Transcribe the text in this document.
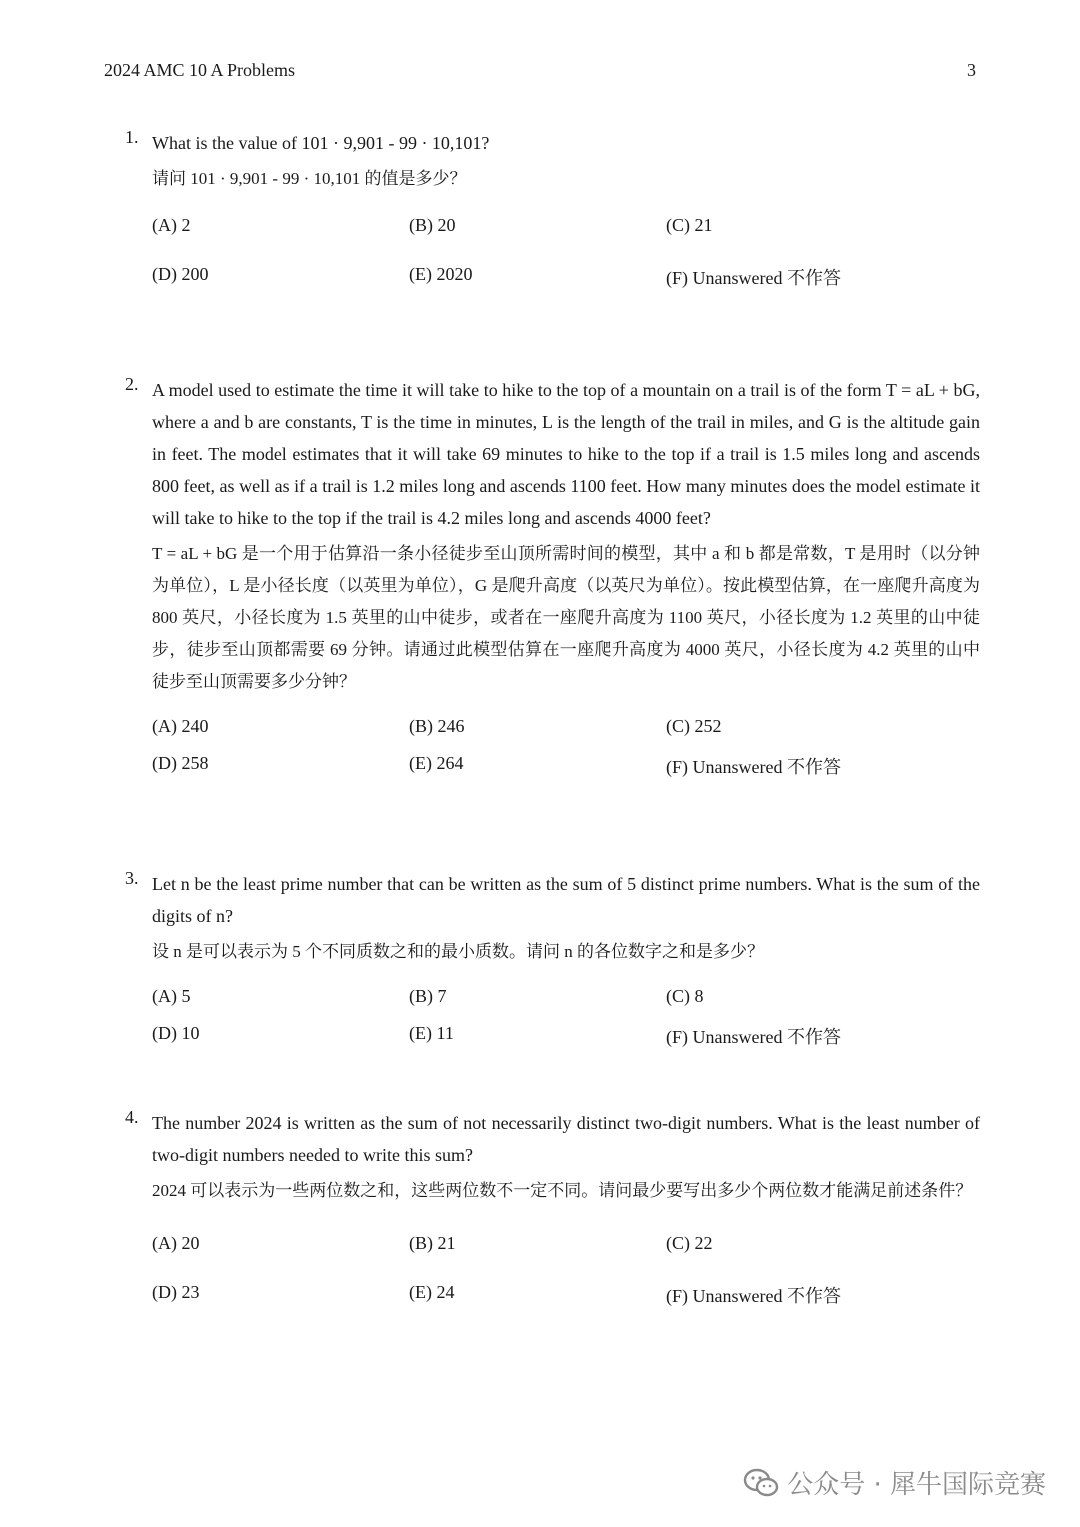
2024 AMC 10 A Problems	3
1. What is the value of 101 · 9,901 - 99 · 10,101?
请问 101 · 9,901 - 99 · 10,101 的值是多少？
(A) 2	(B) 20	(C) 21
(D) 200	(E) 2020	(F) Unanswered 不作答
2. A model used to estimate the time it will take to hike to the top of a mountain on a trail is of the form T = aL + bG, where a and b are constants, T is the time in minutes, L is the length of the trail in miles, and G is the altitude gain in feet. The model estimates that it will take 69 minutes to hike to the top if a trail is 1.5 miles long and ascends 800 feet, as well as if a trail is 1.2 miles long and ascends 1100 feet. How many minutes does the model estimate it will take to hike to the top if the trail is 4.2 miles long and ascends 4000 feet?
T = aL + bG 是一个用于估算沿一条小径徒步至山顶所需时间的模型，其中 a 和 b 都是常数，T 是用时（以分钟为单位），L 是小径长度（以英里为单位），G 是爬升高度（以英尺为单位）。按此模型估算，在一座爬升高度为 800 英尺，小径长度为 1.5 英里的山中徒步，或者在一座爬升高度为 1100 英尺，小径长度为 1.2 英里的山中徒步，徒步至山顶都需要 69 分钟。请通过此模型估算在一座爬升高度为 4000 英尺，小径长度为 4.2 英里的山中徒步至山顶需要多少分钟？
(A) 240	(B) 246	(C) 252
(D) 258	(E) 264	(F) Unanswered 不作答
3. Let n be the least prime number that can be written as the sum of 5 distinct prime numbers. What is the sum of the digits of n?
设 n 是可以表示为 5 个不同质数之和的最小质数。请问 n 的各位数字之和是多少？
(A) 5	(B) 7	(C) 8
(D) 10	(E) 11	(F) Unanswered 不作答
4. The number 2024 is written as the sum of not necessarily distinct two-digit numbers. What is the least number of two-digit numbers needed to write this sum?
2024 可以表示为一些两位数之和，这些两位数不一定不同。请问最少要写出多少个两位数才能满足前述条件？
(A) 20	(B) 21	(C) 22
(D) 23	(E) 24	(F) Unanswered 不作答
公众号 · 犀牛国际竞赛
